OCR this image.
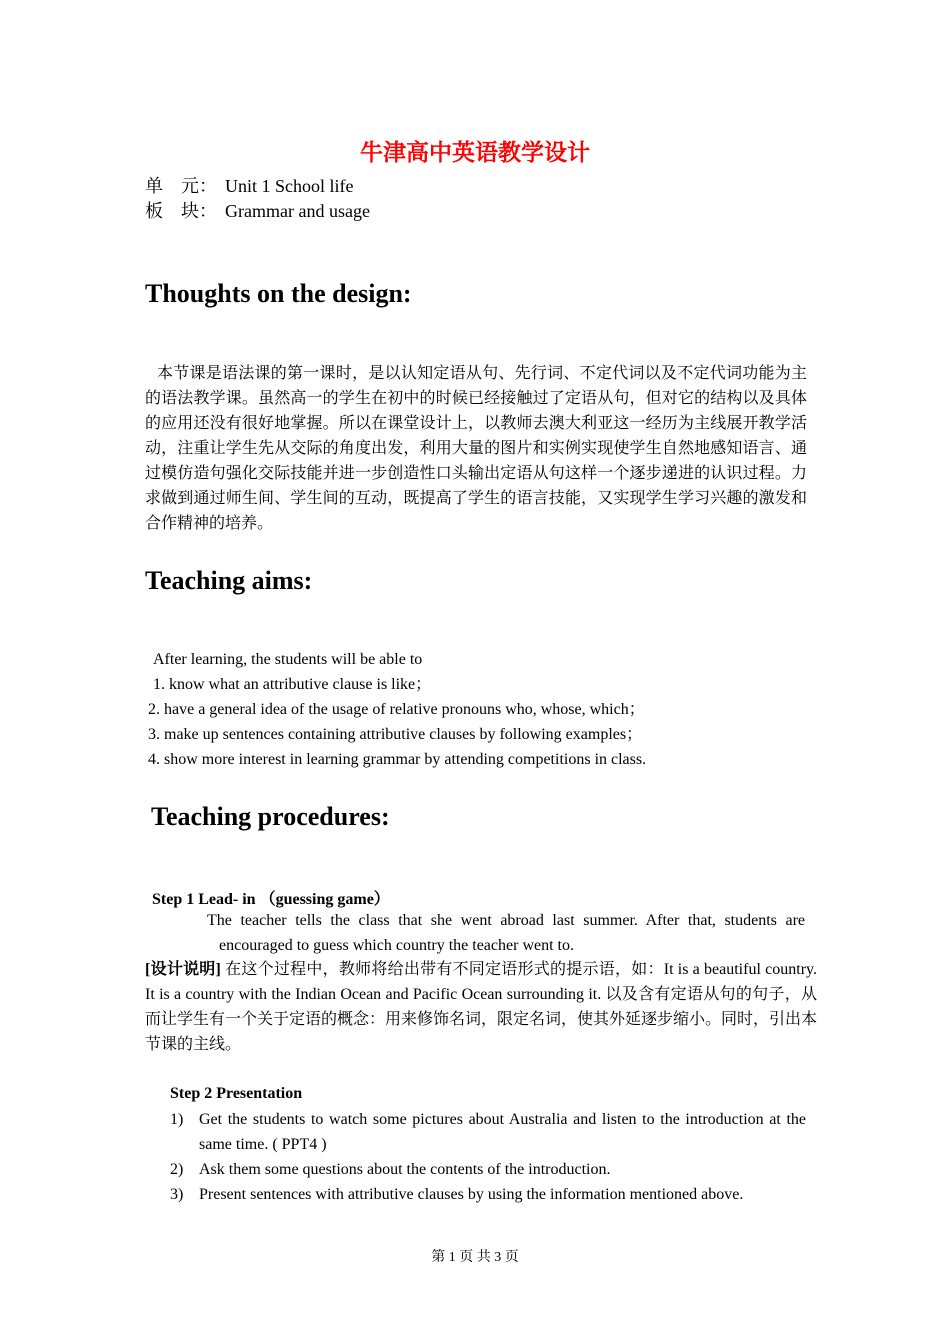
牛津高中英语教学设计
单　元： Unit 1 School life
板　块： Grammar and usage
Thoughts on the design:
本节课是语法课的第一课时，是以认知定语从句、先行词、不定代词以及不定代词功能为主的语法教学课。虽然高一的学生在初中的时候已经接触过了定语从句，但对它的结构以及具体的应用还没有很好地掌握。所以在课堂设计上，以教师去澳大利亚这一经历为主线展开教学活动，注重让学生先从交际的角度出发，利用大量的图片和实例实现使学生自然地感知语言、通过模仿造句强化交际技能并进一步创造性口头输出定语从句这样一个逐步递进的认识过程。力求做到通过师生间、学生间的互动，既提高了学生的语言技能，又实现学生学习兴趣的激发和合作精神的培养。
Teaching aims:
After learning, the students will be able to
1. know what an attributive clause is like；
2. have a general idea of the usage of relative pronouns who, whose, which；
3. make up sentences containing attributive clauses by following examples；
4. show more interest in learning grammar by attending competitions in class.
Teaching procedures:
Step 1 Lead- in （guessing game）
The teacher tells the class that she went abroad last summer. After that, students are encouraged to guess which country the teacher went to.
[设计说明] 在这个过程中，教师将给出带有不同定语形式的提示语，如：It is a beautiful country. It is a country with the Indian Ocean and Pacific Ocean surrounding it. 以及含有定语从句的句子，从而让学生有一个关于定语的概念：用来修饰名词，限定名词，使其外延逐步缩小。同时，引出本节课的主线。
Step 2 Presentation
1) Get the students to watch some pictures about Australia and listen to the introduction at the same time. ( PPT4 )
2) Ask them some questions about the contents of the introduction.
3) Present sentences with attributive clauses by using the information mentioned above.
第 1 页 共 3 页
